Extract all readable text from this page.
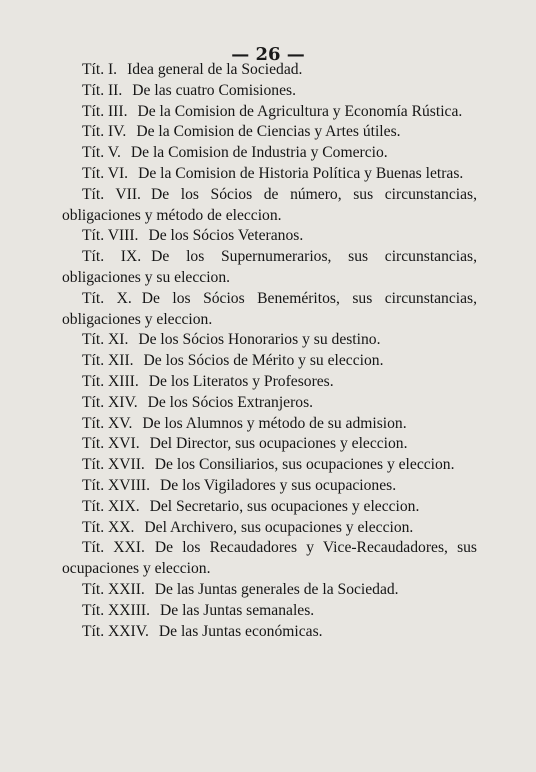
— 26 —

Tít. I. Idea general de la Sociedad.

Tít. II. De las cuatro Comisiones.

Tít. III. De la Comision de Agricultura y Economía Rústica.

Tít. IV. De la Comision de Ciencias y Artes útiles.

Tít. V. De la Comision de Industria y Comercio.

Tít. VI. De la Comision de Historia Política y Buenas letras.

Tít. VII. De los Sócios de número, sus circunstancias, obligaciones y método de eleccion.

Tít. VIII. De los Sócios Veteranos.

Tít. IX. De los Supernumerarios, sus circunstancias, obligaciones y su eleccion.

Tít. X. De los Sócios Beneméritos, sus circunstancias, obligaciones y eleccion.

Tít. XI. De los Sócios Honorarios y su destino.

Tít. XII. De los Sócios de Mérito y su eleccion.

Tít. XIII. De los Literatos y Profesores.

Tít. XIV. De los Sócios Extranjeros.

Tít. XV. De los Alumnos y método de su admision.

Tít. XVI. Del Director, sus ocupaciones y eleccion.

Tít. XVII. De los Consiliarios, sus ocupaciones y eleccion.

Tít. XVIII. De los Vigiladores y sus ocupaciones.

Tít. XIX. Del Secretario, sus ocupaciones y eleccion.

Tít. XX. Del Archivero, sus ocupaciones y eleccion.

Tít. XXI. De los Recaudadores y Vice-Recaudadores, sus ocupaciones y eleccion.

Tít. XXII. De las Juntas generales de la Sociedad.

Tít. XXIII. De las Juntas semanales.

Tít. XXIV. De las Juntas económicas.
